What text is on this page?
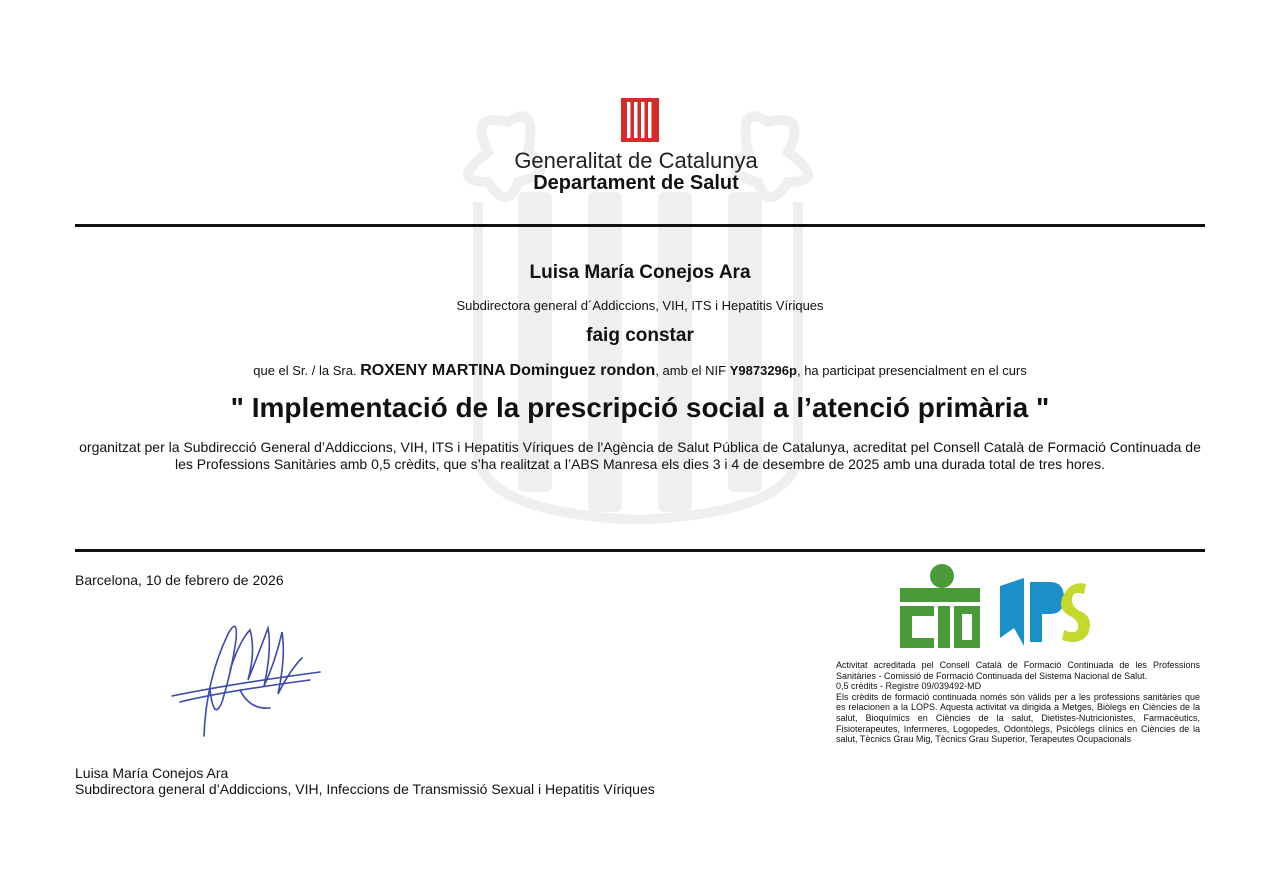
Generalitat de Catalunya
Departament de Salut
Luisa María Conejos Ara
Subdirectora general d´Addiccions, VIH, ITS i Hepatitis Víriques
faig constar
que el Sr. / la Sra. ROXENY MARTINA Dominguez rondon, amb el NIF Y9873296p, ha participat presencialment en el curs
" Implementació de la prescripció social a l’atenció primària "
organitzat per la Subdirecció General d’Addiccions, VIH, ITS i Hepatitis Víriques de l'Agència de Salut Pública de Catalunya, acreditat pel Consell Català de Formació Continuada de les Professions Sanitàries amb 0,5 crèdits, que s’ha realitzat a l’ABS Manresa els dies 3 i 4 de desembre de 2025 amb una durada total de tres hores.
Barcelona, 10 de febrero de 2026
Luisa María Conejos Ara
Subdirectora general d’Addiccions, VIH, Infeccions de Transmissió Sexual i Hepatitis Víriques
Activitat acreditada pel Consell Català de Formació Continuada de les Professions Sanitàries - Comissió de Formació Continuada del Sistema Nacional de Salut.
0,5 crèdits - Registre 09/039492-MD
Els crèdits de formació continuada només són vàlids per a les professions sanitàries que es relacionen a la LOPS. Aquesta activitat va dirigida a Metges, Biòlegs en Ciències de la salut, Bioquímics en Ciències de la salut, Dietistes-Nutricionistes, Farmacèutics, Fisioterapeutes, Infermeres, Logopedes, Odontòlegs, Psicòlegs clínics en Ciències de la salut, Tècnics Grau Mig, Tècnics Grau Superior, Terapeutes Ocupacionals
